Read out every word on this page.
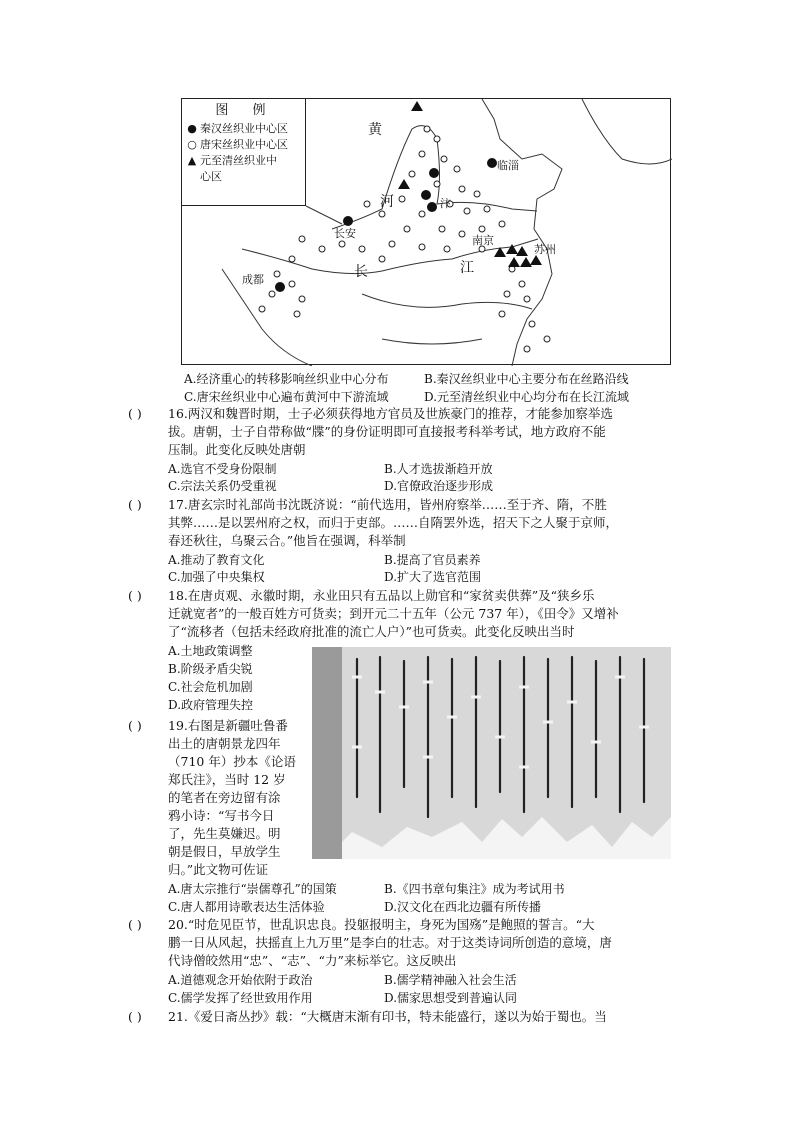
图 例
● 秦汉丝织业中心区
○ 唐宋丝织业中心区
▲ 元至清丝织业中心区
临淄
汴
长安
南京
苏州
成都
黄
河
长	江
A.经济重心的转移影响丝织业中心分布	B.秦汉丝织业中心主要分布在丝路沿线
C.唐宋丝织业中心遍布黄河中下游流域	D.元至清丝织业中心均分布在长江流域
( ) 16.两汉和魏晋时期，士子必须获得地方官员及世族豪门的推荐，才能参加察举选
拔。唐朝，士子自带称做“牒”的身份证明即可直接报考科举考试，地方政府不能
压制。此变化反映处唐朝
A.选官不受身份限制	B.人才选拔渐趋开放
C.宗法关系仍受重视	D.官僚政治逐步形成
( ) 17.唐玄宗时礼部尚书沈既济说：“前代选用，皆州府察举……至于齐、隋，不胜
其弊……是以罢州府之权，而归于吏部。……自隋罢外选，招天下之人聚于京师，
春还秋往，乌聚云合。”他旨在强调，科举制
A.推动了教育文化	B.提高了官员素养
C.加强了中央集权	D.扩大了选官范围
( ) 18.在唐贞观、永徽时期，永业田只有五品以上勋官和“家贫卖供葬”及“狭乡乐
迁就宽者”的一般百姓方可货卖；到开元二十五年（公元 737 年），《田令》又增补
了“流移者（包括未经政府批准的流亡人户）”也可货卖。此变化反映出当时
A.土地政策调整
B.阶级矛盾尖锐
C.社会危机加剧
D.政府管理失控
( ) 19.右图是新疆吐鲁番
出土的唐朝景龙四年
（710 年）抄本《论语
郑氏注》，当时 12 岁
的笔者在旁边留有涂
鸦小诗：“写书今日
了，先生莫嫌迟。明
朝是假日，早放学生
归。”此文物可佐证
A.唐太宗推行“崇儒尊孔”的国策	B.《四书章句集注》成为考试用书
C.唐人都用诗歌表达生活体验	D.汉文化在西北边疆有所传播
( ) 20.“时危见臣节，世乱识忠良。投躯报明主，身死为国殇”是鲍照的誓言。“大
鹏一日从风起，扶摇直上九万里”是李白的壮志。对于这类诗词所创造的意境，唐
代诗僧皎然用“忠”、“志”、“力”来标举它。这反映出
A.道德观念开始依附于政治	B.儒学精神融入社会生活
C.儒学发挥了经世致用作用	D.儒家思想受到普遍认同
( ) 21.《爱日斋丛抄》载：“大概唐末渐有印书，特未能盛行，遂以为始于蜀也。当
